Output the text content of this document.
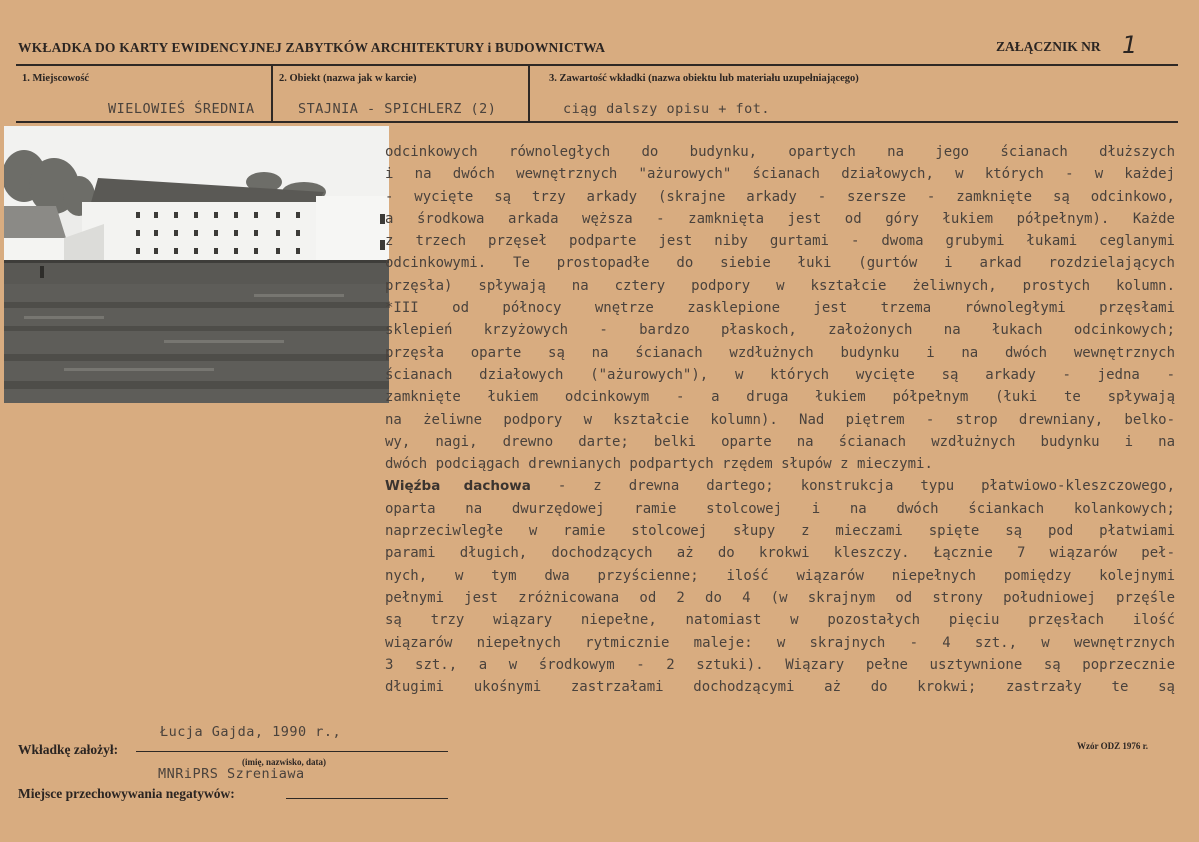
WKŁADKA DO KARTY EWIDENCYJNEJ ZABYTKÓW ARCHITEKTURY i BUDOWNICTWA	ZAŁĄCZNIK NR 1
1. Miejscowość	2. Obiekt (nazwa jak w karcie)	3. Zawartość wkładki (nazwa obiektu lub materiału uzupełniającego)
WIELOWIEŚ ŚREDNIA	STAJNIA - SPICHLERZ (2)	ciąg dalszy opisu + fot.
odcinkowych równoległych do budynku, opartych na jego ścianach dłuższych
i na dwóch wewnętrznych "ażurowych" ścianach działowych, w których - w każdej
- wycięte są trzy arkady (skrajne arkady - szersze - zamknięte są odcinkowo,
a środkowa arkada węższa - zamknięta jest od góry łukiem półpełnym). Każde
z trzech przęseł podparte jest niby gurtami - dwoma grubymi łukami ceglanymi
odcinkowymi. Te prostopadłe do siebie łuki (gurtów i arkad rozdzielających
przęsła) spływają na cztery podpory w kształcie żeliwnych, prostych kolumn.
*III od północy wnętrze zasklepione jest trzema równoległymi przęsłami
sklepień krzyżowych - bardzo płaskoch, założonych na łukach odcinkowych;
przęsła oparte są na ścianach wzdłużnych budynku i na dwóch wewnętrznych
ścianach działowych ("ażurowych"), w których wycięte są arkady - jedna -
zamknięte łukiem odcinkowym - a druga łukiem półpełnym (łuki te spływają
na żeliwne podpory w kształcie kolumn). Nad piętrem - strop drewniany, belko-
wy, nagi, drewno darte; belki oparte na ścianach wzdłużnych budynku i na
dwóch podciągach drewnianych podpartych rzędem słupów z mieczymi.
Więźba dachowa - z drewna dartego; konstrukcja typu płatwiowo-kleszczowego,
oparta na dwurzędowej ramie stolcowej i na dwóch ściankach kolankowych;
naprzeciwległe w ramie stolcowej słupy z mieczami spięte są pod płatwiami
parami długich, dochodzących aż do krokwi kleszczy. Łącznie 7 wiązarów peł-
nych, w tym dwa przyścienne; ilość wiązarów niepełnych pomiędzy kolejnymi
pełnymi jest zróżnicowana od 2 do 4 (w skrajnym od strony południowej przęśle
są trzy wiązary niepełne, natomiast w pozostałych pięciu przęsłach ilość
wiązarów niepełnych rytmicznie maleje: w skrajnych - 4 szt., w wewnętrznych
3 szt., a w środkowym - 2 sztuki). Wiązary pełne usztywnione są poprzecznie
długimi ukośnymi zastrzałami dochodzącymi aż do krokwi; zastrzały te są
Łucja Gajda, 1990 r.,
Wkładkę założył:
(imię, nazwisko, data)
MNRiPRS Szreniawa
Miejsce przechowywania negatywów:
Wzór ODZ 1976 r.
